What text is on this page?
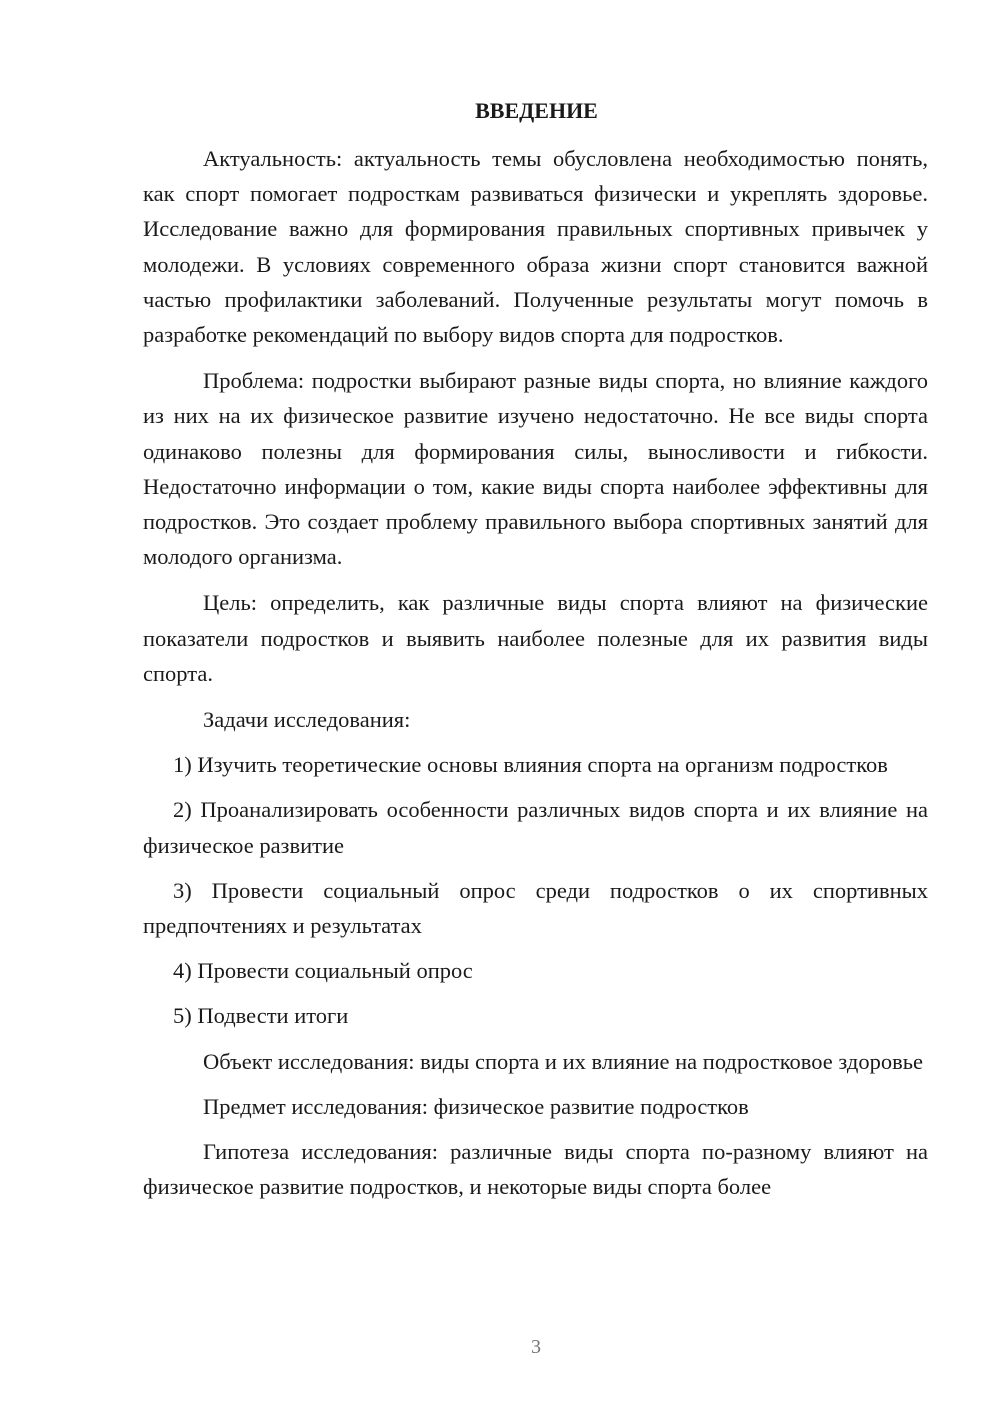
ВВЕДЕНИЕ

Актуальность: актуальность темы обусловлена необходимостью понять, как спорт помогает подросткам развиваться физически и укреплять здоровье. Исследование важно для формирования правильных спортивных привычек у молодежи. В условиях современного образа жизни спорт становится важной частью профилактики заболеваний. Полученные результаты могут помочь в разработке рекомендаций по выбору видов спорта для подростков.

Проблема: подростки выбирают разные виды спорта, но влияние каждого из них на их физическое развитие изучено недостаточно. Не все виды спорта одинаково полезны для формирования силы, выносливости и гибкости. Недостаточно информации о том, какие виды спорта наиболее эффективны для подростков. Это создает проблему правильного выбора спортивных занятий для молодого организма.

Цель: определить, как различные виды спорта влияют на физические показатели подростков и выявить наиболее полезные для их развития виды спорта.

Задачи исследования:

1) Изучить теоретические основы влияния спорта на организм подростков

2) Проанализировать особенности различных видов спорта и их влияние на физическое развитие

3) Провести социальный опрос среди подростков о их спортивных предпочтениях и результатах

4) Провести социальный опрос

5) Подвести итоги

Объект исследования: виды спорта и их влияние на подростковое здоровье

Предмет исследования: физическое развитие подростков

Гипотеза исследования: различные виды спорта по-разному влияют на физическое развитие подростков, и некоторые виды спорта более

3
